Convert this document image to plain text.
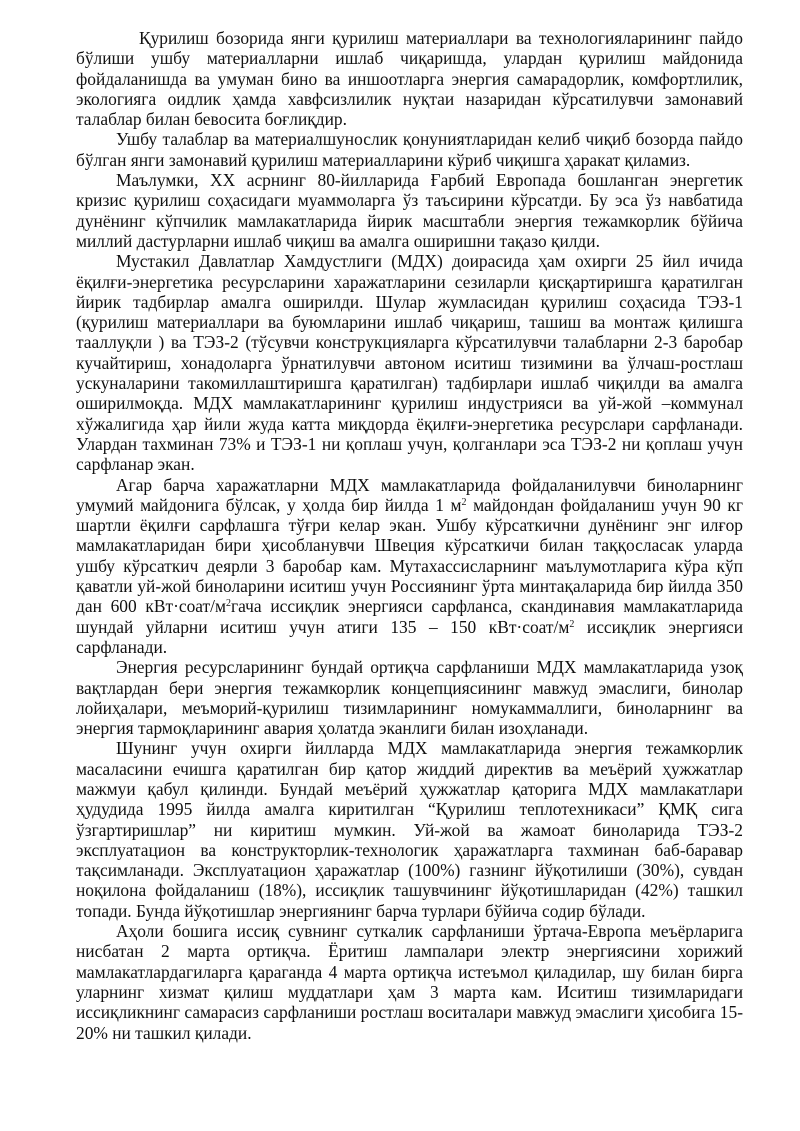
Қурилиш бозорида янги қурилиш материаллари ва технологияларининг пайдо бўлиши ушбу материалларни ишлаб чиқаришда, улардан қурилиш майдонида фойдаланишда ва умуман бино ва иншоотларга энергия самарадорлик, комфортлилик, экологияга оидлик ҳамда хавфсизлилик нуқтаи назаридан кўрсатилувчи замонавий талаблар билан бевосита боғлиқдир.

Ушбу талаблар ва материалшунослик қонуниятларидан келиб чиқиб бозорда пайдо бўлган янги замонавий қурилиш материалларини кўриб чиқишга ҳаракат қиламиз.

Маълумки, XX асрнинг 80-йилларида Ғарбий Европада бошланган энергетик кризис қурилиш соҳасидаги муаммоларга ўз таъсирини кўрсатди. Бу эса ўз навбатида дунёнинг кўпчилик мамлакатларида йирик масштабли энергия тежамкорлик бўйича миллий дастурларни ишлаб чиқиш ва амалга оширишни тақазо қилди.

Мустакил Давлатлар Хамдустлиги (МДХ) доирасида ҳам охирги 25 йил ичида ёқилғи-энергетика ресурсларини харажатларини сезиларли қисқартиришга қаратилган йирик тадбирлар амалга оширилди. Шулар жумласидан қурилиш соҳасида ТЭЗ-1 (қурилиш материаллари ва буюмларини ишлаб чиқариш, ташиш ва монтаж қилишга тааллуқли ) ва ТЭЗ-2 (тўсувчи конструкцияларга кўрсатилувчи талабларни 2-3 баробар кучайтириш, хонадоларга ўрнатилувчи автоном иситиш тизимини ва ўлчаш-ростлаш ускуналарини такомиллаштиришга қаратилган) тадбирлари ишлаб чиқилди ва амалга оширилмоқда. МДХ мамлакатларининг қурилиш индустрияси ва уй-жой –коммунал хўжалигида ҳар йили жуда катта миқдорда ёқилғи-энергетика ресурслари сарфланади. Улардан тахминан 73% и ТЭЗ-1 ни қоплаш учун, қолганлари эса ТЭЗ-2 ни қоплаш учун сарфланар экан.

Агар барча харажатларни МДХ мамлакатларида фойдаланилувчи биноларнинг умумий майдонига бўлсак, у ҳолда бир йилда 1 $м^2$ майдондан фойдаланиш учун 90 кг шартли ёқилғи сарфлашга тўғри келар экан. Ушбу кўрсаткични дунёнинг энг илғор мамлакатларидан бири ҳисобланувчи Швеция кўрсаткичи билан таққосласак уларда ушбу кўрсаткич деярли 3 баробар кам. Мутахассисларнинг маълумотларига кўра кўп қаватли уй-жой биноларини иситиш учун Россиянинг ўрта минтақаларида бир йилда 350 дан 600 $кВт\cdot соат/м^2гача$ иссиқлик энергияси сарфланса, скандинавия мамлакатларида шундай уйларни иситиш учун атиги 135 – 150 $кВт\cdot соат/м^2$ иссиқлик энергияси сарфланади.

Энергия ресурсларининг бундай ортиқча сарфланиши МДХ мамлакатларида узоқ вақтлардан бери энергия тежамкорлик концепциясининг мавжуд эмаслиги, бинолар лойиҳалари, меъморий-қурилиш тизимларининг номукаммаллиги, биноларнинг ва энергия тармоқларининг авария ҳолатда эканлиги билан изоҳланади.

Шунинг учун охирги йилларда МДХ мамлакатларида энергия тежамкорлик масаласини ечишга қаратилган бир қатор жиддий директив ва меъёрий ҳужжатлар мажмуи қабул қилинди. Бундай меъёрий ҳужжатлар қаторига МДХ мамлакатлари ҳудудида 1995 йилда амалга киритилган “Қурилиш теплотехникаси” ҚМҚ сига ўзгартиришлар” ни киритиш мумкин. Уй-жой ва жамоат биноларида ТЭЗ-2 эксплуатацион ва конструкторлик-технологик ҳаражатларга тахминан баб-баравар тақсимланади. Эксплуатацион ҳаражатлар (100%) газнинг йўқотилиши (30%), сувдан ноқилона фойдаланиш (18%), иссиқлик ташувчининг йўқотишларидан (42%) ташкил топади. Бунда йўқотишлар энергиянинг барча турлари бўйича содир бўлади.

Аҳоли бошига иссиқ сувнинг суткалик сарфланиши ўртача-Европа меъёрларига нисбатан 2 марта ортиқча. Ёритиш лампалари электр энергиясини хорижий мамлакатлардагиларга қараганда 4 марта ортиқча истеъмол қиладилар, шу билан бирга уларнинг хизмат қилиш муддатлари ҳам 3 марта кам. Иситиш тизимларидаги иссиқликнинг самарасиз сарфланиши ростлаш воситалари мавжуд эмаслиги ҳисобига 15-20% ни ташкил қилади.
